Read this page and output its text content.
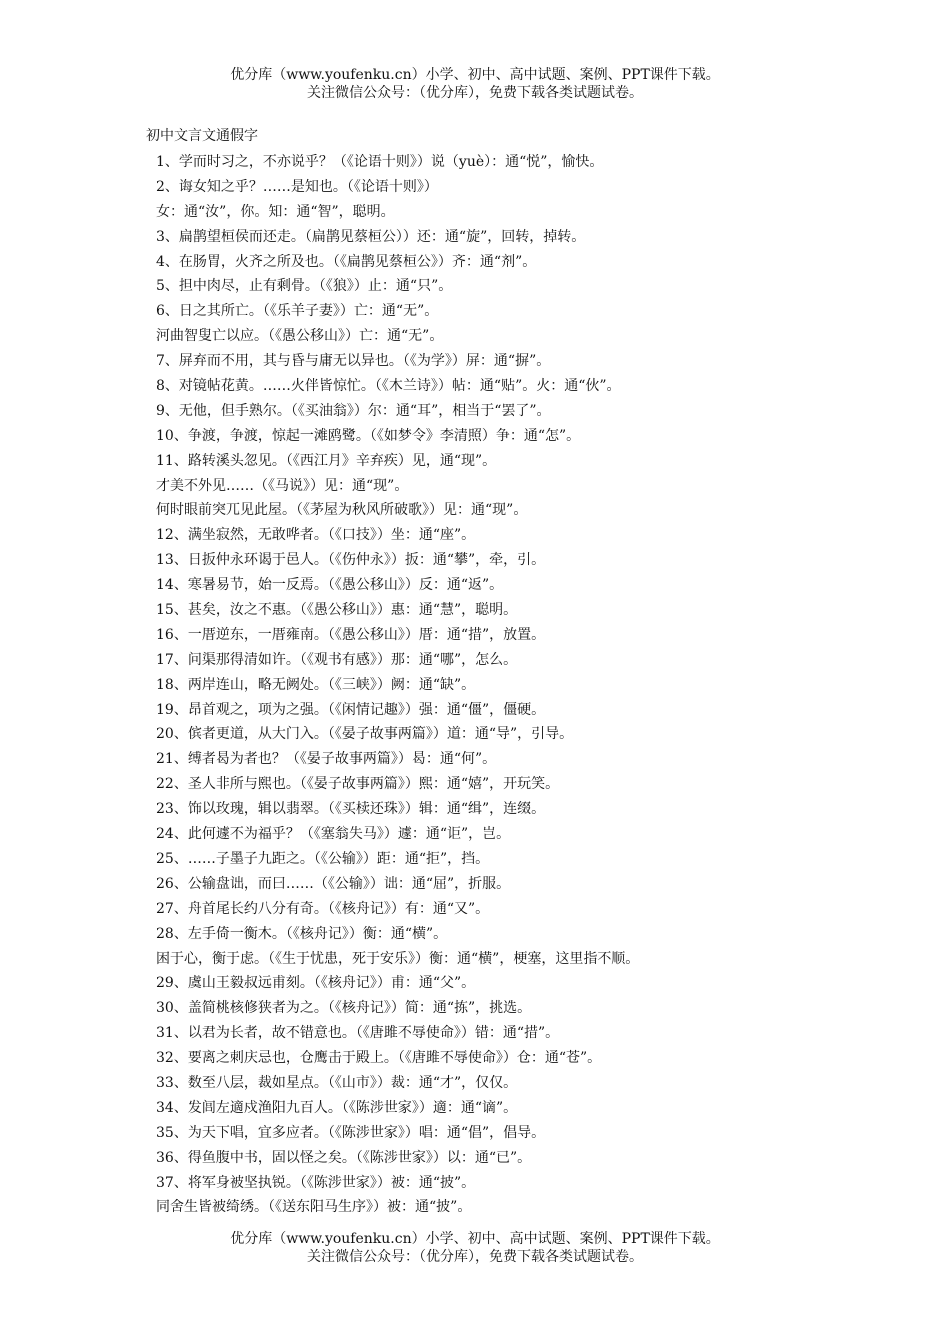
优分库（www.youfenku.cn）小学、初中、高中试题、案例、PPT课件下载。
关注微信公众号：（优分库），免费下载各类试题试卷。
初中文言文通假字
1、学而时习之，不亦说乎？（《论语十则》）说（yuè）：通“悦”，愉快。
2、诲女知之乎？……是知也。（《论语十则》）
女：通“汝”，你。知：通“智”，聪明。
3、扁鹊望桓侯而还走。（扁鹊见蔡桓公））还：通“旋”，回转，掉转。
4、在肠胃，火齐之所及也。（《扁鹊见蔡桓公》）齐：通“剂”。
5、担中肉尽，止有剩骨。（《狼》）止：通“只”。
6、日之其所亡。（《乐羊子妻》）亡：通“无”。
河曲智叟亡以应。（《愚公移山》）亡：通“无”。
7、屏弃而不用，其与昏与庸无以异也。（《为学》）屏：通“摒”。
8、对镜帖花黄。……火伴皆惊忙。（《木兰诗》）帖：通“贴”。火：通“伙”。
9、无他，但手熟尔。（《买油翁》）尔：通“耳”，相当于“罢了”。
10、争渡，争渡，惊起一滩鸥鹭。（《如梦令》李清照）争：通“怎”。
11、路转溪头忽见。（《西江月》辛弃疾）见，通“现”。
才美不外见……（《马说》）见：通“现”。
何时眼前突兀见此屋。（《茅屋为秋风所破歌》）见：通“现”。
12、满坐寂然，无敢哗者。（《口技》）坐：通“座”。
13、日扳仲永环谒于邑人。（《伤仲永》）扳：通“攀”，牵，引。
14、寒暑易节，始一反焉。（《愚公移山》）反：通“返”。
15、甚矣，汝之不惠。（《愚公移山》）惠：通“慧”，聪明。
16、一厝逆东，一厝雍南。（《愚公移山》）厝：通“措”，放置。
17、问渠那得清如许。（《观书有感》）那：通“哪”，怎么。
18、两岸连山，略无阙处。（《三峡》）阙：通“缺”。
19、昂首观之，项为之强。（《闲情记趣》）强：通“僵”，僵硬。
20、傧者更道，从大门入。（《晏子故事两篇》）道：通“导”，引导。
21、缚者曷为者也？（《晏子故事两篇》）曷：通“何”。
22、圣人非所与熙也。（《晏子故事两篇》）熙：通“嬉”，开玩笑。
23、饰以玫瑰，辑以翡翠。（《买椟还珠》）辑：通“缉”，连缀。
24、此何遽不为福乎？（《塞翁失马》）遽：通“讵”，岂。
25、……子墨子九距之。（《公输》）距：通“拒”，挡。
26、公输盘诎，而曰……（《公输》）诎：通“屈”，折服。
27、舟首尾长约八分有奇。（《核舟记》）有：通“又”。
28、左手倚一衡木。（《核舟记》）衡：通“横”。
困于心，衡于虑。（《生于忧患，死于安乐》）衡：通“横”，梗塞，这里指不顺。
29、虞山王毅叔远甫刻。（《核舟记》）甫：通“父”。
30、盖简桃核修狭者为之。（《核舟记》）简：通“拣”，挑选。
31、以君为长者，故不错意也。（《唐雎不辱使命》）错：通“措”。
32、要离之刺庆忌也，仓鹰击于殿上。（《唐雎不辱使命》）仓：通“苍”。
33、数至八层，裁如星点。（《山市》）裁：通“才”，仅仅。
34、发闾左適戍渔阳九百人。（《陈涉世家》）適：通“谪”。
35、为天下唱，宜多应者。（《陈涉世家》）唱：通“倡”，倡导。
36、得鱼腹中书，固以怪之矣。（《陈涉世家》）以：通“已”。
37、将军身被坚执锐。（《陈涉世家》）被：通“披”。
同舍生皆被绮绣。（《送东阳马生序》）被：通“披”。
优分库（www.youfenku.cn）小学、初中、高中试题、案例、PPT课件下载。
关注微信公众号：（优分库），免费下载各类试题试卷。
